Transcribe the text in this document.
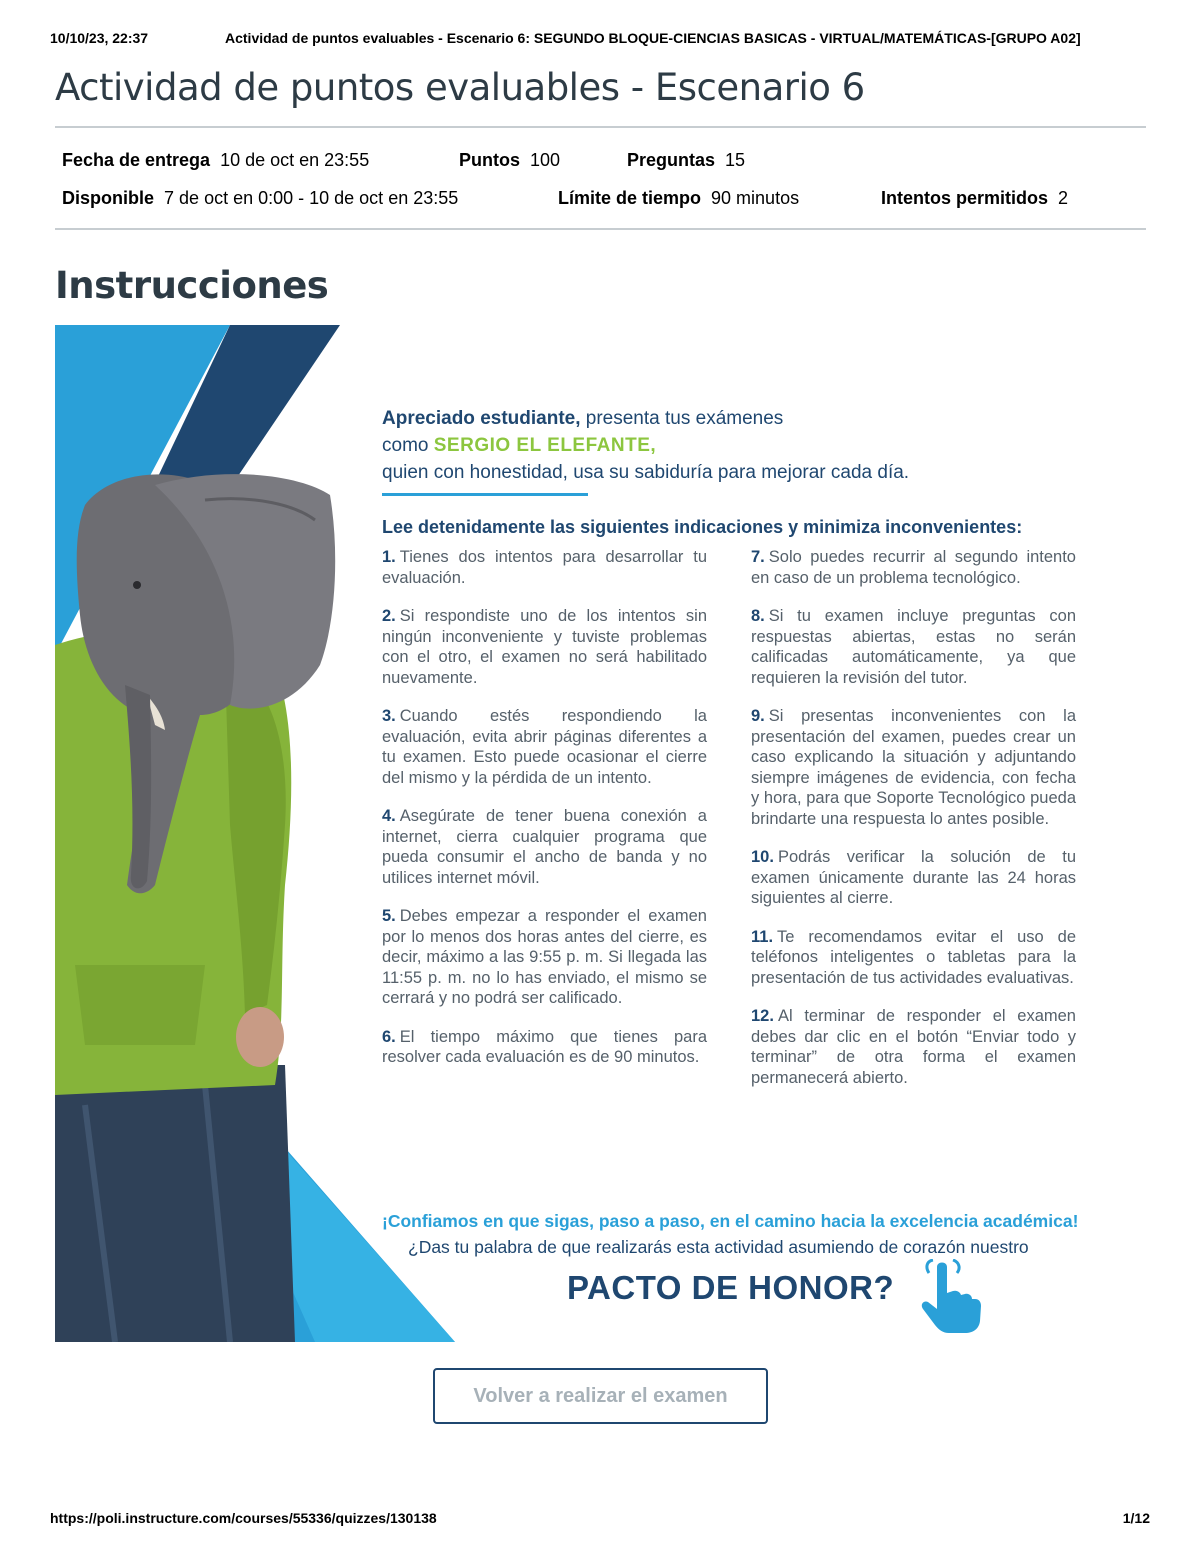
10/10/23, 22:37	Actividad de puntos evaluables - Escenario 6: SEGUNDO BLOQUE-CIENCIAS BASICAS - VIRTUAL/MATEMÁTICAS-[GRUPO A02]
Actividad de puntos evaluables - Escenario 6
Fecha de entrega 10 de oct en 23:55	Puntos 100	Preguntas 15
Disponible 7 de oct en 0:00 - 10 de oct en 23:55	Límite de tiempo 90 minutos	Intentos permitidos 2
Instrucciones
Apreciado estudiante, presenta tus exámenes
como SERGIO EL ELEFANTE,
quien con honestidad, usa su sabiduría para mejorar cada día.
Lee detenidamente las siguientes indicaciones y minimiza inconvenientes:
1. Tienes dos intentos para desarrollar tu evaluación.
2. Si respondiste uno de los intentos sin ningún inconveniente y tuviste problemas con el otro, el examen no será habilitado nuevamente.
3. Cuando estés respondiendo la evaluación, evita abrir páginas diferentes a tu examen. Esto puede ocasionar el cierre del mismo y la pérdida de un intento.
4. Asegúrate de tener buena conexión a internet, cierra cualquier programa que pueda consumir el ancho de banda y no utilices internet móvil.
5. Debes empezar a responder el examen por lo menos dos horas antes del cierre, es decir, máximo a las 9:55 p. m. Si llegada las 11:55 p. m. no lo has enviado, el mismo se cerrará y no podrá ser calificado.
6. El tiempo máximo que tienes para resolver cada evaluación es de 90 minutos.
7. Solo puedes recurrir al segundo intento en caso de un problema tecnológico.
8. Si tu examen incluye preguntas con respuestas abiertas, estas no serán calificadas automáticamente, ya que requieren la revisión del tutor.
9. Si presentas inconvenientes con la presentación del examen, puedes crear un caso explicando la situación y adjuntando siempre imágenes de evidencia, con fecha y hora, para que Soporte Tecnológico pueda brindarte una respuesta lo antes posible.
10. Podrás verificar la solución de tu examen únicamente durante las 24 horas siguientes al cierre.
11. Te recomendamos evitar el uso de teléfonos inteligentes o tabletas para la presentación de tus actividades evaluativas.
12. Al terminar de responder el examen debes dar clic en el botón “Enviar todo y terminar” de otra forma el examen permanecerá abierto.
¡Confiamos en que sigas, paso a paso, en el camino hacia la excelencia académica!
¿Das tu palabra de que realizarás esta actividad asumiendo de corazón nuestro
PACTO DE HONOR?
Volver a realizar el examen
https://poli.instructure.com/courses/55336/quizzes/130138	1/12
